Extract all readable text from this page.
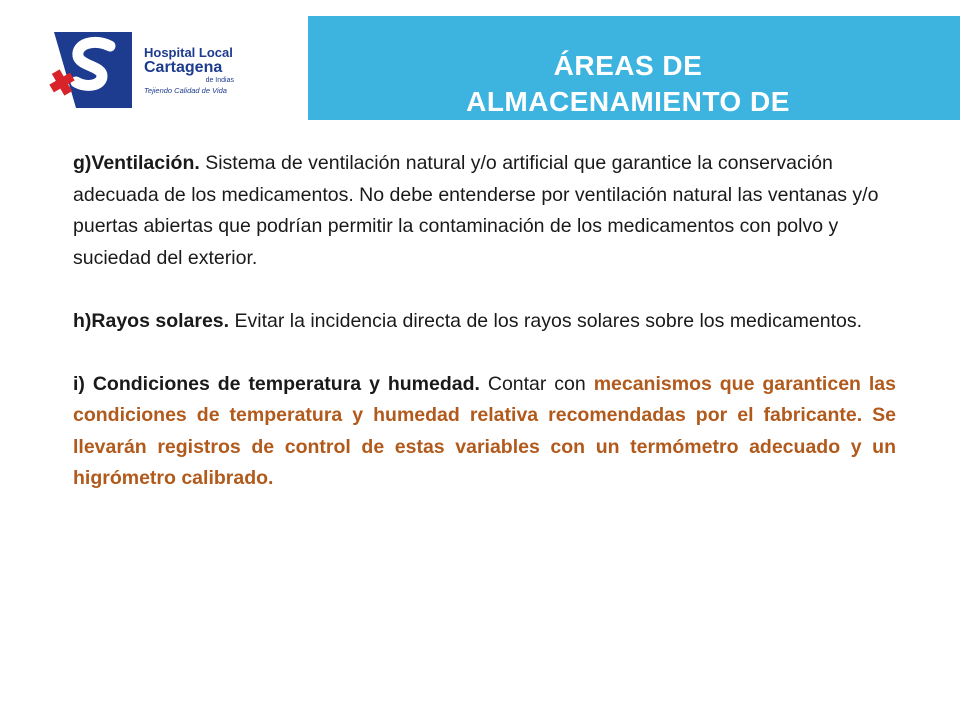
Hospital Local
Cartagena
de Indias
Tejiendo Calidad de Vida
ÁREAS DE
ALMACENAMIENTO DE

g)Ventilación. Sistema de ventilación natural y/o artificial que garantice la conservación adecuada de los medicamentos. No debe entenderse por ventilación natural las ventanas y/o puertas abiertas que podrían permitir la contaminación de los medicamentos con polvo y suciedad del exterior.

h)Rayos solares. Evitar la incidencia directa de los rayos solares sobre los medicamentos.

i) Condiciones de temperatura y humedad. Contar con mecanismos que garanticen las condiciones de temperatura y humedad relativa recomendadas por el fabricante. Se llevarán registros de control de estas variables con un termómetro adecuado y un higrómetro calibrado.
